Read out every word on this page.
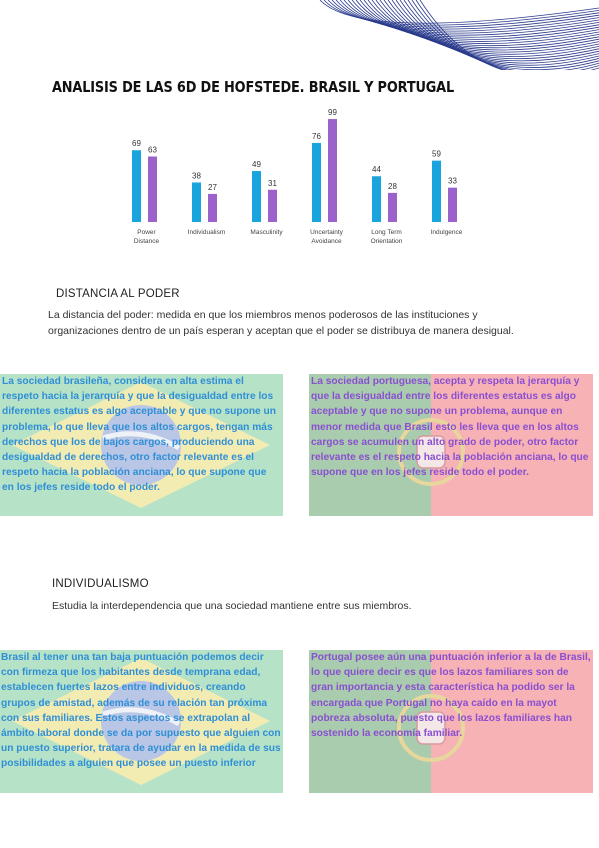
ANALISIS DE LAS 6D DE HOFSTEDE. BRASIL Y PORTUGAL
69
63
Power
Distance
38
27
Individualism
49
31
Masculinity
76
99
Uncertainty
Avoidance
44
28
Long Term
Orientation
59
33
Indulgence
DISTANCIA AL PODER
La distancia del poder: medida en que los miembros menos poderosos de las instituciones y organizaciones dentro de un país esperan y aceptan que el poder se distribuya de manera desigual.
La sociedad brasileña, considera en alta estima el respeto hacia la jerarquía y que la desigualdad entre los diferentes estatus es algo aceptable y que no supone un problema, lo que lleva que los altos cargos, tengan más derechos que los de bajos cargos, produciendo una desigualdad de derechos, otro factor relevante es el respeto hacia la población anciana, lo que supone que en los jefes reside todo el poder.
La sociedad portuguesa, acepta y respeta la jerarquía y que la desigualdad entre los diferentes estatus es algo aceptable y que no supone un problema, aunque en menor medida que Brasil esto les lleva que en los altos cargos se acumulen un alto grado de poder, otro factor relevante es el respeto hacia la población anciana, lo que supone que en los jefes reside todo el poder.
INDIVIDUALISMO
Estudia la interdependencia que una sociedad mantiene entre sus miembros.
Brasil al tener una tan baja puntuación podemos decir con firmeza que los habitantes desde temprana edad, establecen fuertes lazos entre individuos, creando grupos de amistad, además de su relación tan próxima con sus familiares. Estos aspectos se extrapolan al ámbito laboral donde se da por supuesto que alguien con un puesto superior, tratara de ayudar en la medida de sus posibilidades a alguien que posee un puesto inferior
Portugal posee aún una puntuación inferior a la de Brasil, lo que quiere decir es que los lazos familiares son de gran importancia y esta característica ha podido ser la encargada que Portugal no haya caído en la mayot pobreza absoluta, puesto que los lazos familiares han sostenido la economía familiar.
